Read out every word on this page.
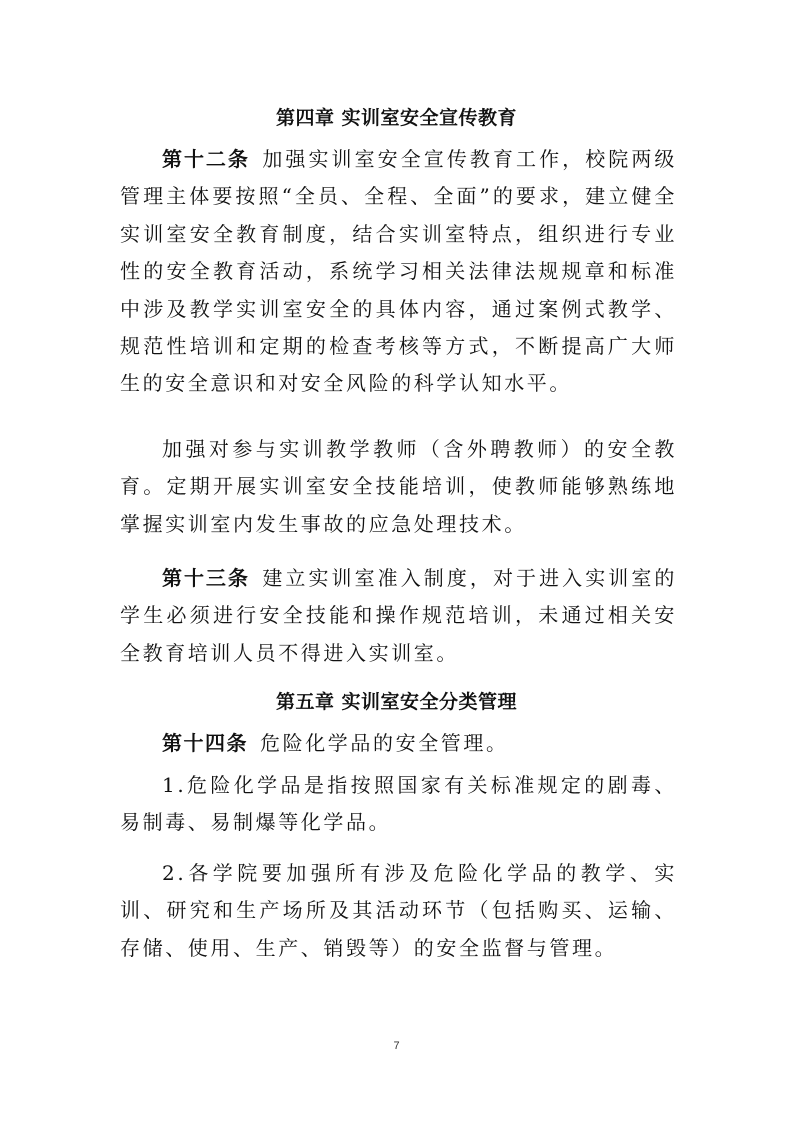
第四章 实训室安全宣传教育

第十二条 加强实训室安全宣传教育工作，校院两级管理主体要按照“全员、全程、全面”的要求，建立健全实训室安全教育制度，结合实训室特点，组织进行专业性的安全教育活动，系统学习相关法律法规规章和标准中涉及教学实训室安全的具体内容，通过案例式教学、规范性培训和定期的检查考核等方式，不断提高广大师生的安全意识和对安全风险的科学认知水平。

加强对参与实训教学教师（含外聘教师）的安全教育。定期开展实训室安全技能培训，使教师能够熟练地掌握实训室内发生事故的应急处理技术。

第十三条 建立实训室准入制度，对于进入实训室的学生必须进行安全技能和操作规范培训，未通过相关安全教育培训人员不得进入实训室。

第五章 实训室安全分类管理

第十四条 危险化学品的安全管理。

1.危险化学品是指按照国家有关标准规定的剧毒、易制毒、易制爆等化学品。

2.各学院要加强所有涉及危险化学品的教学、实训、研究和生产场所及其活动环节（包括购买、运输、存储、使用、生产、销毁等）的安全监督与管理。

7
